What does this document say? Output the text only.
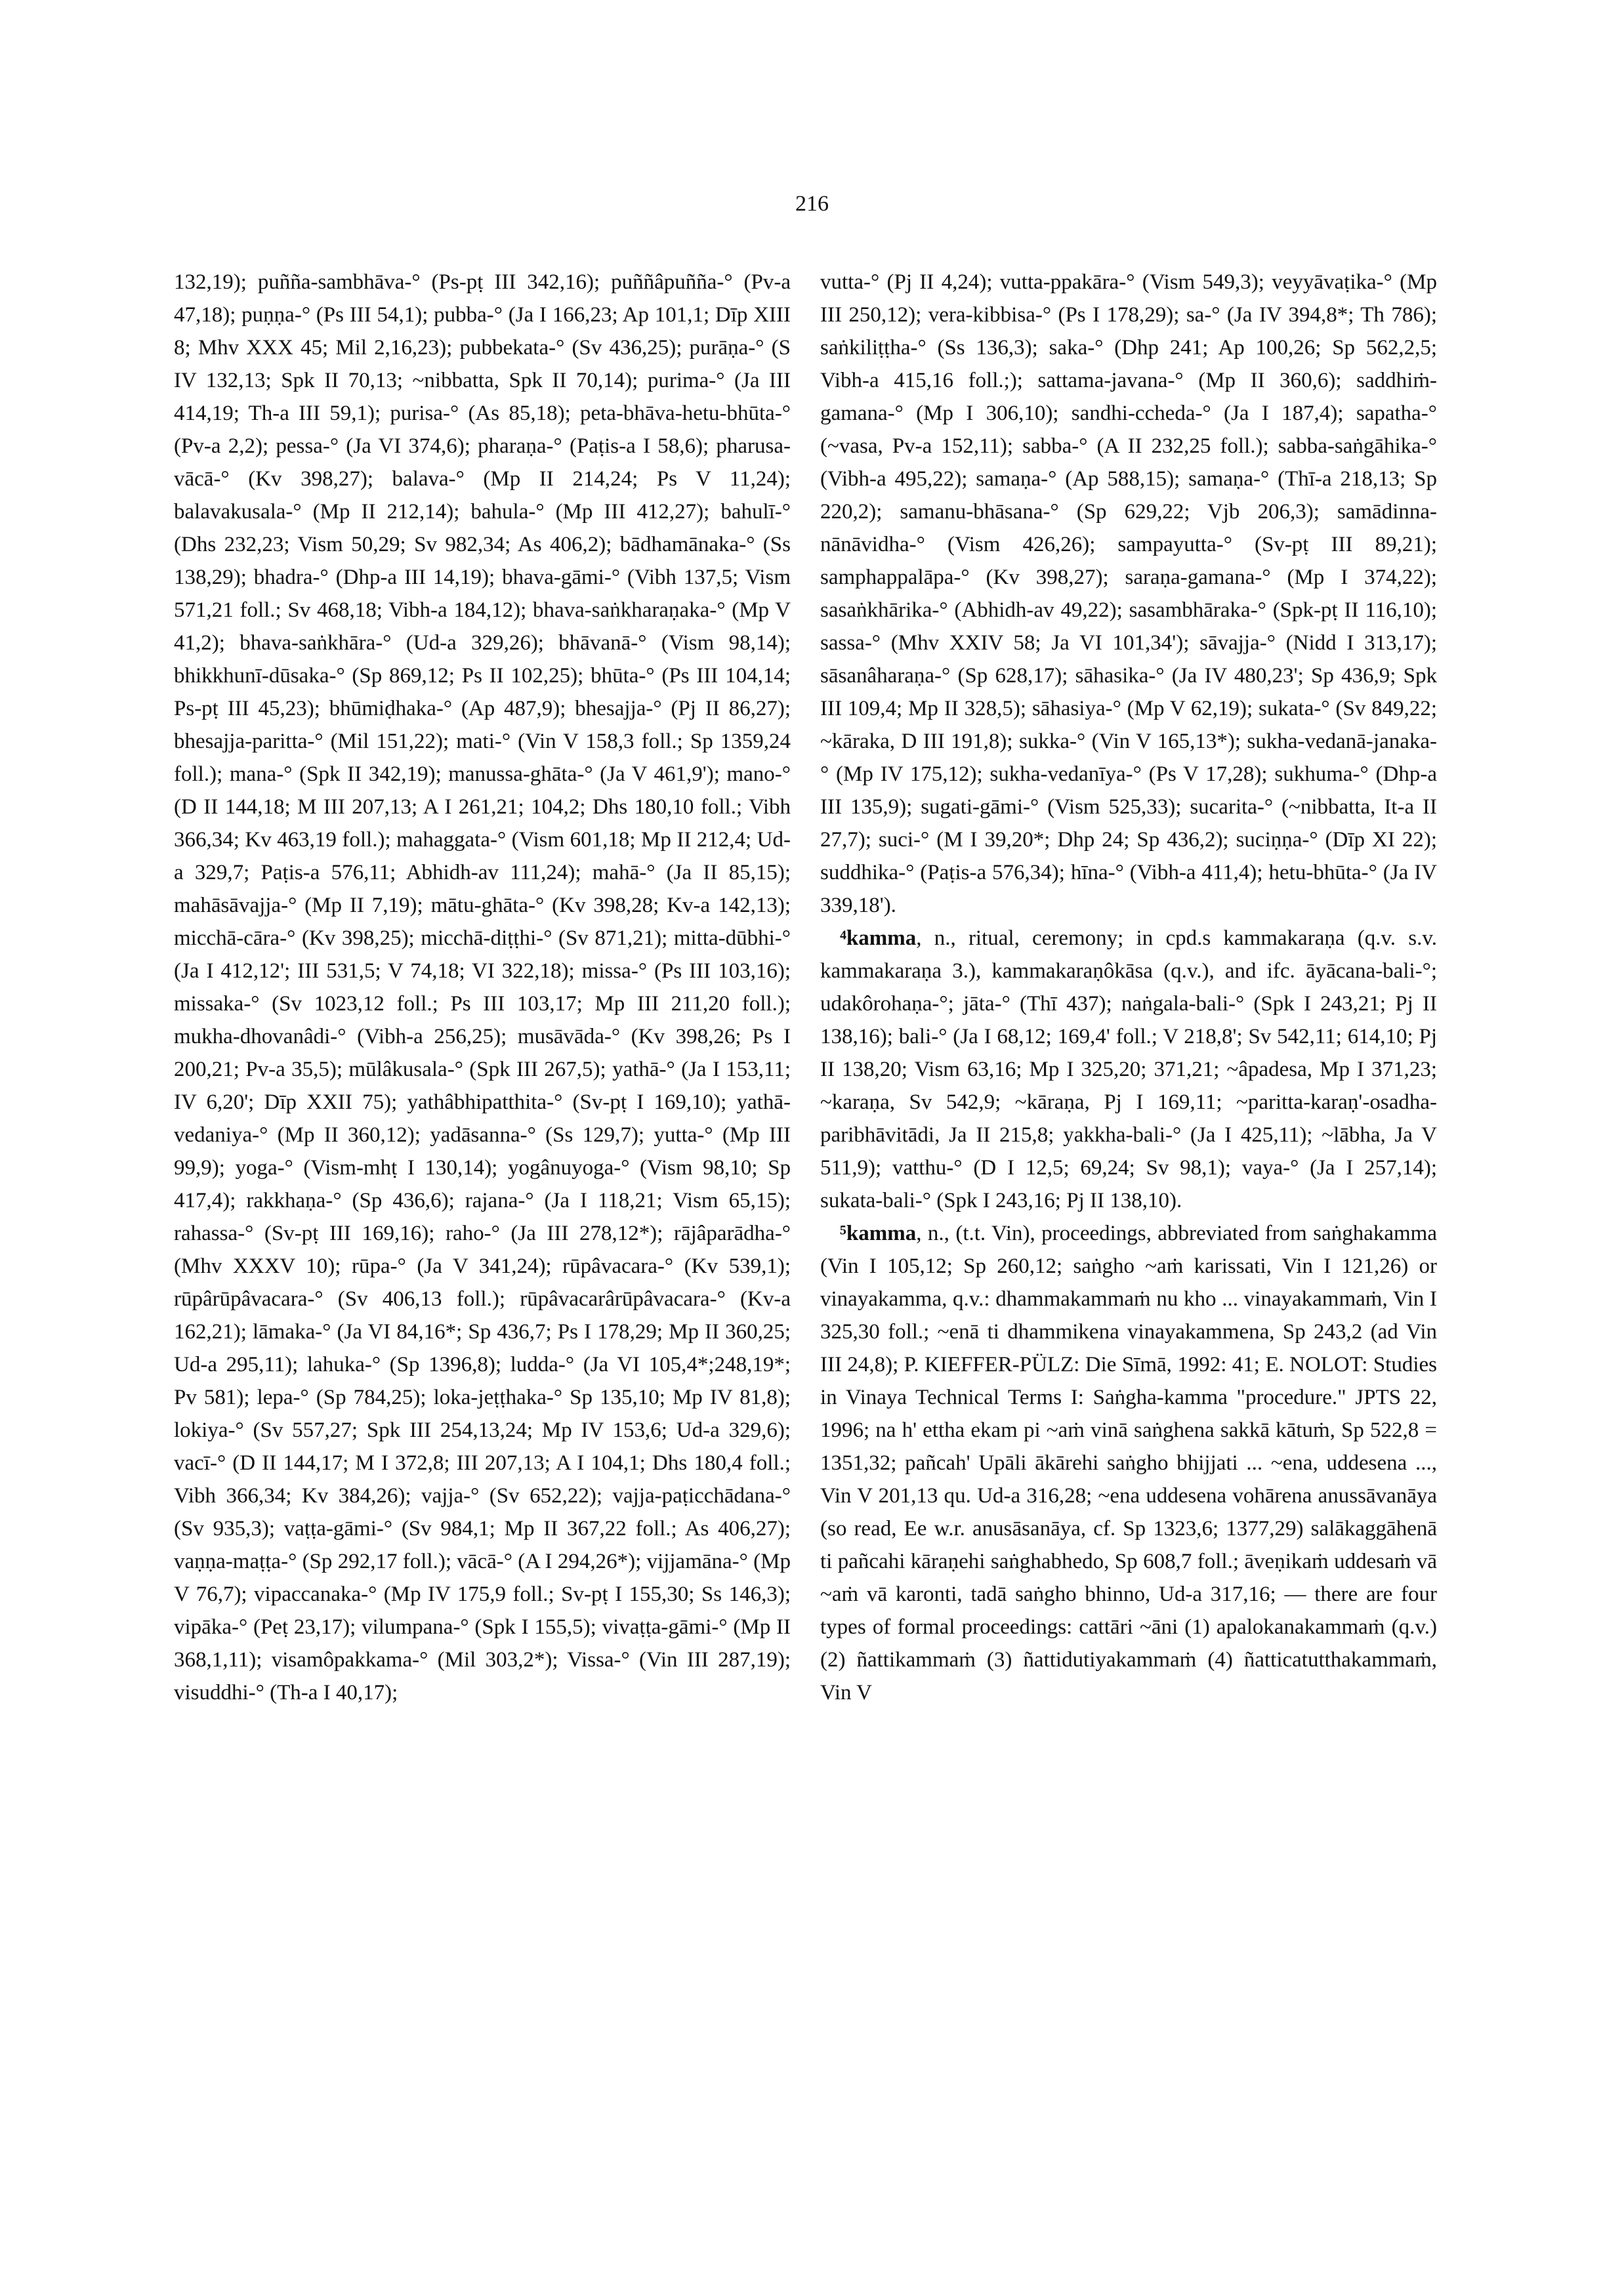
216

132,19); puñña-sambhāva-° (Ps-pṭ III 342,16); puññâpuñña-° (Pv-a 47,18); puṇṇa-° (Ps III 54,1); pubba-° (Ja I 166,23; Ap 101,1; Dīp XIII 8; Mhv XXX 45; Mil 2,16,23); pubbekata-° (Sv 436,25); purāṇa-° (S IV 132,13; Spk II 70,13; ~nibbatta, Spk II 70,14); purima-° (Ja III 414,19; Th-a III 59,1); purisa-° (As 85,18); peta-bhāva-hetu-bhūta-° (Pv-a 2,2); pessa-° (Ja VI 374,6); pharaṇa-° (Paṭis-a I 58,6); pharusa-vācā-° (Kv 398,27); balava-° (Mp II 214,24; Ps V 11,24); balavakusala-° (Mp II 212,14); bahula-° (Mp III 412,27); bahulī-° (Dhs 232,23; Vism 50,29; Sv 982,34; As 406,2); bādhamānaka-° (Ss 138,29); bhadra-° (Dhp-a III 14,19); bhava-gāmi-° (Vibh 137,5; Vism 571,21 foll.; Sv 468,18; Vibh-a 184,12); bhava-saṅkharaṇaka-° (Mp V 41,2); bhava-saṅkhāra-° (Ud-a 329,26); bhāvanā-° (Vism 98,14); bhikkhunī-dūsaka-° (Sp 869,12; Ps II 102,25); bhūta-° (Ps III 104,14; Ps-pṭ III 45,23); bhūmiḍhaka-° (Ap 487,9); bhesajja-° (Pj II 86,27); bhesajja-paritta-° (Mil 151,22); mati-° (Vin V 158,3 foll.; Sp 1359,24 foll.); mana-° (Spk II 342,19); manussa-ghāta-° (Ja V 461,9'); mano-° (D II 144,18; M III 207,13; A I 261,21; 104,2; Dhs 180,10 foll.; Vibh 366,34; Kv 463,19 foll.); mahaggata-° (Vism 601,18; Mp II 212,4; Ud-a 329,7; Paṭis-a 576,11; Abhidh-av 111,24); mahā-° (Ja II 85,15); mahāsāvajja-° (Mp II 7,19); mātu-ghāta-° (Kv 398,28; Kv-a 142,13); micchā-cāra-° (Kv 398,25); micchā-diṭṭhi-° (Sv 871,21); mitta-dūbhi-° (Ja I 412,12'; III 531,5; V 74,18; VI 322,18); missa-° (Ps III 103,16); missaka-° (Sv 1023,12 foll.; Ps III 103,17; Mp III 211,20 foll.); mukha-dhovanâdi-° (Vibh-a 256,25); musāvāda-° (Kv 398,26; Ps I 200,21; Pv-a 35,5); mūlâkusala-° (Spk III 267,5); yathā-° (Ja I 153,11; IV 6,20'; Dīp XXII 75); yathâbhipatthita-° (Sv-pṭ I 169,10); yathā-vedaniya-° (Mp II 360,12); yadāsanna-° (Ss 129,7); yutta-° (Mp III 99,9); yoga-° (Vism-mhṭ I 130,14); yogânuyoga-° (Vism 98,10; Sp 417,4); rakkhaṇa-° (Sp 436,6); rajana-° (Ja I 118,21; Vism 65,15); rahassa-° (Sv-pṭ III 169,16); raho-° (Ja III 278,12*); rājâparādha-° (Mhv XXXV 10); rūpa-° (Ja V 341,24); rūpâvacara-° (Kv 539,1); rūpârūpâvacara-° (Sv 406,13 foll.); rūpâvacarârūpâvacara-° (Kv-a 162,21); lāmaka-° (Ja VI 84,16*; Sp 436,7; Ps I 178,29; Mp II 360,25; Ud-a 295,11); lahuka-° (Sp 1396,8); ludda-° (Ja VI 105,4*;248,19*; Pv 581); lepa-° (Sp 784,25); loka-jeṭṭhaka-° Sp 135,10; Mp IV 81,8); lokiya-° (Sv 557,27; Spk III 254,13,24; Mp IV 153,6; Ud-a 329,6); vacī-° (D II 144,17; M I 372,8; III 207,13; A I 104,1; Dhs 180,4 foll.; Vibh 366,34; Kv 384,26); vajja-° (Sv 652,22); vajja-paṭicchādana-° (Sv 935,3); vaṭṭa-gāmi-° (Sv 984,1; Mp II 367,22 foll.; As 406,27); vaṇṇa-maṭṭa-° (Sp 292,17 foll.); vācā-° (A I 294,26*); vijjamāna-° (Mp V 76,7); vipaccanaka-° (Mp IV 175,9 foll.; Sv-pṭ I 155,30; Ss 146,3); vipāka-° (Peṭ 23,17); vilumpana-° (Spk I 155,5); vivaṭṭa-gāmi-° (Mp II 368,1,11); visamôpakkama-° (Mil 303,2*); Vissa-° (Vin III 287,19); visuddhi-° (Th-a I 40,17);

vutta-° (Pj II 4,24); vutta-ppakāra-° (Vism 549,3); veyyāvaṭika-° (Mp III 250,12); vera-kibbisa-° (Ps I 178,29); sa-° (Ja IV 394,8*; Th 786); saṅkiliṭṭha-° (Ss 136,3); saka-° (Dhp 241; Ap 100,26; Sp 562,2,5; Vibh-a 415,16 foll.;); sattama-javana-° (Mp II 360,6); saddhiṁ-gamana-° (Mp I 306,10); sandhi-ccheda-° (Ja I 187,4); sapatha-° (~vasa, Pv-a 152,11); sabba-° (A II 232,25 foll.); sabba-saṅgāhika-° (Vibh-a 495,22); samaṇa-° (Ap 588,15); samaṇa-° (Thī-a 218,13; Sp 220,2); samanu-bhāsana-° (Sp 629,22; Vjb 206,3); samādinna-nānāvidha-° (Vism 426,26); sampayutta-° (Sv-pṭ III 89,21); samphappalāpa-° (Kv 398,27); saraṇa-gamana-° (Mp I 374,22); sasaṅkhārika-° (Abhidh-av 49,22); sasambhāraka-° (Spk-pṭ II 116,10); sassa-° (Mhv XXIV 58; Ja VI 101,34'); sāvajja-° (Nidd I 313,17); sāsanâharaṇa-° (Sp 628,17); sāhasika-° (Ja IV 480,23'; Sp 436,9; Spk III 109,4; Mp II 328,5); sāhasiya-° (Mp V 62,19); sukata-° (Sv 849,22; ~kāraka, D III 191,8); sukka-° (Vin V 165,13*); sukha-vedanā-janaka-° (Mp IV 175,12); sukha-vedanīya-° (Ps V 17,28); sukhuma-° (Dhp-a III 135,9); sugati-gāmi-° (Vism 525,33); sucarita-° (~nibbatta, It-a II 27,7); suci-° (M I 39,20*; Dhp 24; Sp 436,2); suciṇṇa-° (Dīp XI 22); suddhika-° (Paṭis-a 576,34); hīna-° (Vibh-a 411,4); hetu-bhūta-° (Ja IV 339,18').

⁴kamma, n., ritual, ceremony; in cpd.s kammakaraṇa (q.v. s.v. kammakaraṇa 3.), kammakaraṇôkāsa (q.v.), and ifc. āyācana-bali-°; udakôrohaṇa-°; jāta-° (Thī 437); naṅgala-bali-° (Spk I 243,21; Pj II 138,16); bali-° (Ja I 68,12; 169,4' foll.; V 218,8'; Sv 542,11; 614,10; Pj II 138,20; Vism 63,16; Mp I 325,20; 371,21; ~âpadesa, Mp I 371,23; ~karaṇa, Sv 542,9; ~kāraṇa, Pj I 169,11; ~paritta-karaṇ'-osadha-paribhāvitādi, Ja II 215,8; yakkha-bali-° (Ja I 425,11); ~lābha, Ja V 511,9); vatthu-° (D I 12,5; 69,24; Sv 98,1); vaya-° (Ja I 257,14); sukata-bali-° (Spk I 243,16; Pj II 138,10).

⁵kamma, n., (t.t. Vin), proceedings, abbreviated from saṅghakamma (Vin I 105,12; Sp 260,12; saṅgho ~aṁ karissati, Vin I 121,26) or vinayakamma, q.v.: dhammakammaṁ nu kho ... vinayakammaṁ, Vin I 325,30 foll.; ~enā ti dhammikena vinayakammena, Sp 243,2 (ad Vin III 24,8); P. KIEFFER-PÜLZ: Die Sīmā, 1992: 41; E. NOLOT: Studies in Vinaya Technical Terms I: Saṅgha-kamma "procedure." JPTS 22, 1996; na h' ettha ekam pi ~aṁ vinā saṅghena sakkā kātuṁ, Sp 522,8 = 1351,32; pañcah' Upāli ākārehi saṅgho bhijjati ... ~ena, uddesena ..., Vin V 201,13 qu. Ud-a 316,28; ~ena uddesena vohārena anussāvanāya (so read, Ee w.r. anusāsanāya, cf. Sp 1323,6; 1377,29) salākaggāhenā ti pañcahi kāraṇehi saṅghabhedo, Sp 608,7 foll.; āveṇikaṁ uddesaṁ vā ~aṁ vā karonti, tadā saṅgho bhinno, Ud-a 317,16; — there are four types of formal proceedings: cattāri ~āni (1) apalokanakammaṁ (q.v.) (2) ñattikammaṁ (3) ñattidutiyakammaṁ (4) ñatticatutthakammaṁ, Vin V
